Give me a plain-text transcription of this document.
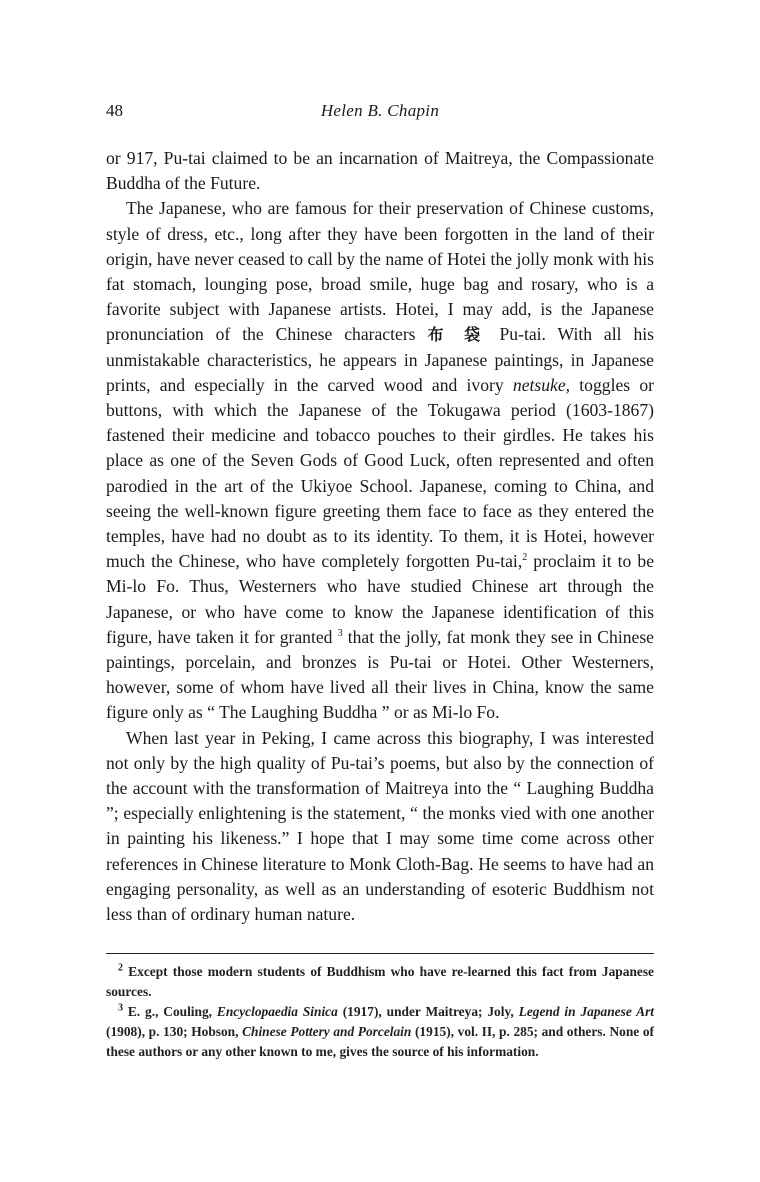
48	Helen B. Chapin

or 917, Pu-tai claimed to be an incarnation of Maitreya, the Compassionate Buddha of the Future.

The Japanese, who are famous for their preservation of Chinese customs, style of dress, etc., long after they have been forgotten in the land of their origin, have never ceased to call by the name of Hotei the jolly monk with his fat stomach, lounging pose, broad smile, huge bag and rosary, who is a favorite subject with Japanese artists. Hotei, I may add, is the Japanese pronunciation of the Chinese characters 布 袋 Pu-tai. With all his unmistakable characteristics, he appears in Japanese paintings, in Japanese prints, and especially in the carved wood and ivory netsuke, toggles or buttons, with which the Japanese of the Tokugawa period (1603-1867) fastened their medicine and tobacco pouches to their girdles. He takes his place as one of the Seven Gods of Good Luck, often represented and often parodied in the art of the Ukiyoe School. Japanese, coming to China, and seeing the well-known figure greeting them face to face as they entered the temples, have had no doubt as to its identity. To them, it is Hotei, however much the Chinese, who have completely forgotten Pu-tai,$^2$ proclaim it to be Mi-lo Fo. Thus, Westerners who have studied Chinese art through the Japanese, or who have come to know the Japanese identification of this figure, have taken it for granted $^3$ that the jolly, fat monk they see in Chinese paintings, porcelain, and bronzes is Pu-tai or Hotei. Other Westerners, however, some of whom have lived all their lives in China, know the same figure only as “ The Laughing Buddha ” or as Mi-lo Fo.

When last year in Peking, I came across this biography, I was interested not only by the high quality of Pu-tai’s poems, but also by the connection of the account with the transformation of Maitreya into the “ Laughing Buddha ”; especially enlightening is the statement, “ the monks vied with one another in painting his likeness.” I hope that I may some time come across other references in Chinese literature to Monk Cloth-Bag. He seems to have had an engaging personality, as well as an understanding of esoteric Buddhism not less than of ordinary human nature.

$^2$ Except those modern students of Buddhism who have re-learned this fact from Japanese sources.

$^3$ E. g., Couling, Encyclopaedia Sinica (1917), under Maitreya; Joly, Legend in Japanese Art (1908), p. 130; Hobson, Chinese Pottery and Porcelain (1915), vol. II, p. 285; and others. None of these authors or any other known to me, gives the source of his information.
